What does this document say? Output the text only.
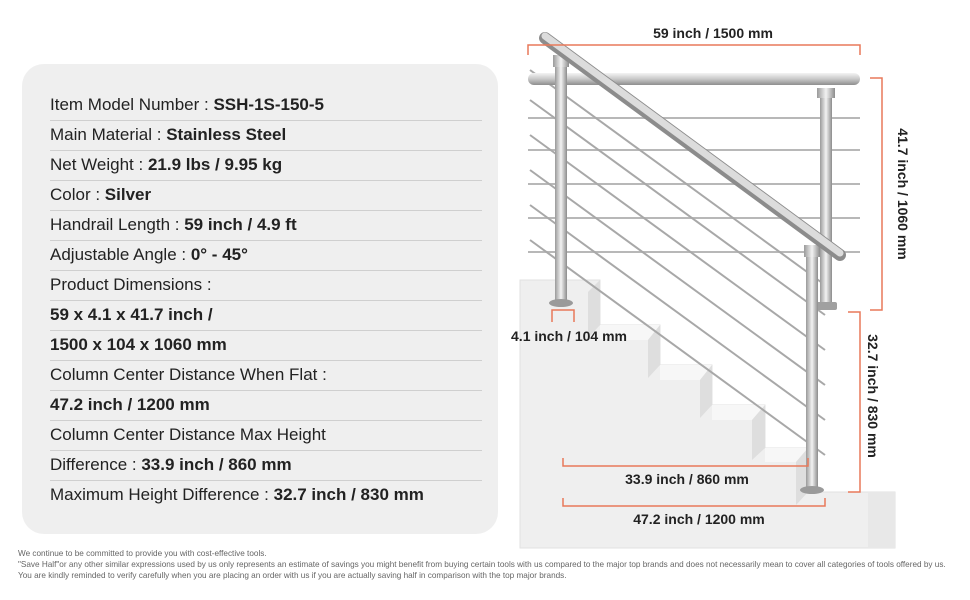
Item Model Number : SSH-1S-150-5
Main Material : Stainless Steel
Net Weight : 21.9 lbs / 9.95 kg
Color : Silver
Handrail Length : 59 inch / 4.9 ft
Adjustable Angle : 0° - 45°
Product Dimensions :
59 x 4.1 x 41.7 inch /
1500 x 104 x 1060 mm
Column Center Distance When Flat :
47.2 inch / 1200 mm
Column Center Distance Max Height
Difference : 33.9 inch / 860 mm
Maximum Height Difference : 32.7 inch / 830 mm
59 inch / 1500 mm
41.7 inch / 1060 mm
4.1 inch / 104 mm	32.7 inch / 830 mm
33.9 inch / 860 mm
47.2 inch / 1200 mm

We continue to be committed to provide you with cost-effective tools.

"Save Half"or any other similar expressions used by us only represents an estimate of savings you might benefit from buying certain tools with us compared to the major top brands and does not necessarily mean to cover all categories of tools offered by us.

You are kindly reminded to verify carefully when you are placing an order with us if you are actually saving half in comparison with the top major brands.
